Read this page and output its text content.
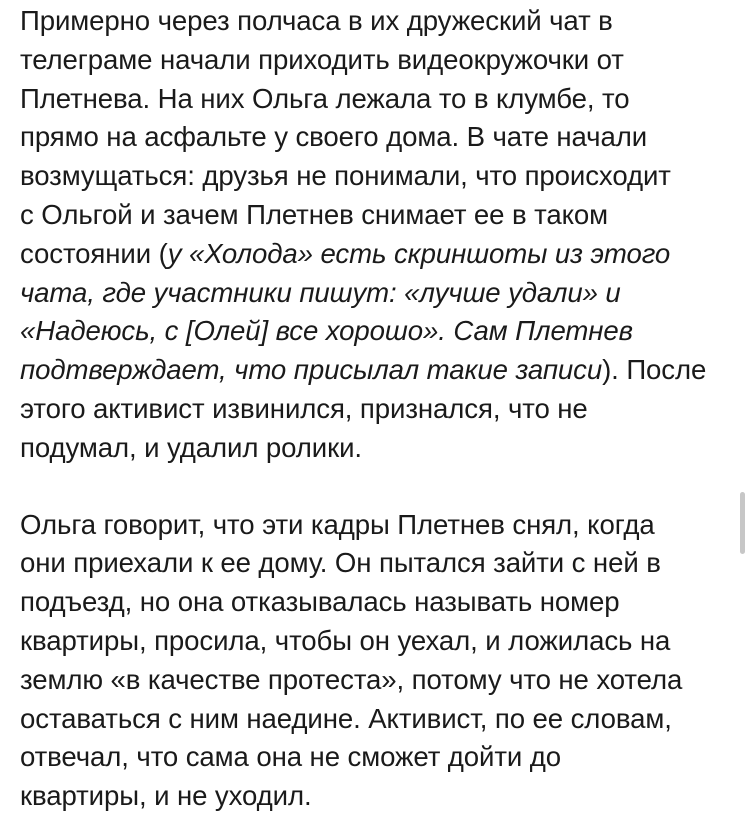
Примерно через полчаса в их дружеский чат в
телеграме начали приходить видеокружочки от
Плетнева. На них Ольга лежала то в клумбе, то
прямо на асфальте у своего дома. В чате начали
возмущаться: друзья не понимали, что происходит
с Ольгой и зачем Плетнев снимает ее в таком
состоянии (у «Холода» есть скриншоты из этого
чата, где участники пишут: «лучше удали» и
«Надеюсь, с [Олей] все хорошо». Сам Плетнев
подтверждает, что присылал такие записи). После
этого активист извинился, признался, что не
подумал, и удалил ролики.
Ольга говорит, что эти кадры Плетнев снял, когда
они приехали к ее дому. Он пытался зайти с ней в
подъезд, но она отказывалась называть номер
квартиры, просила, чтобы он уехал, и ложилась на
землю «в качестве протеста», потому что не хотела
оставаться с ним наедине. Активист, по ее словам,
отвечал, что сама она не сможет дойти до
квартиры, и не уходил.
